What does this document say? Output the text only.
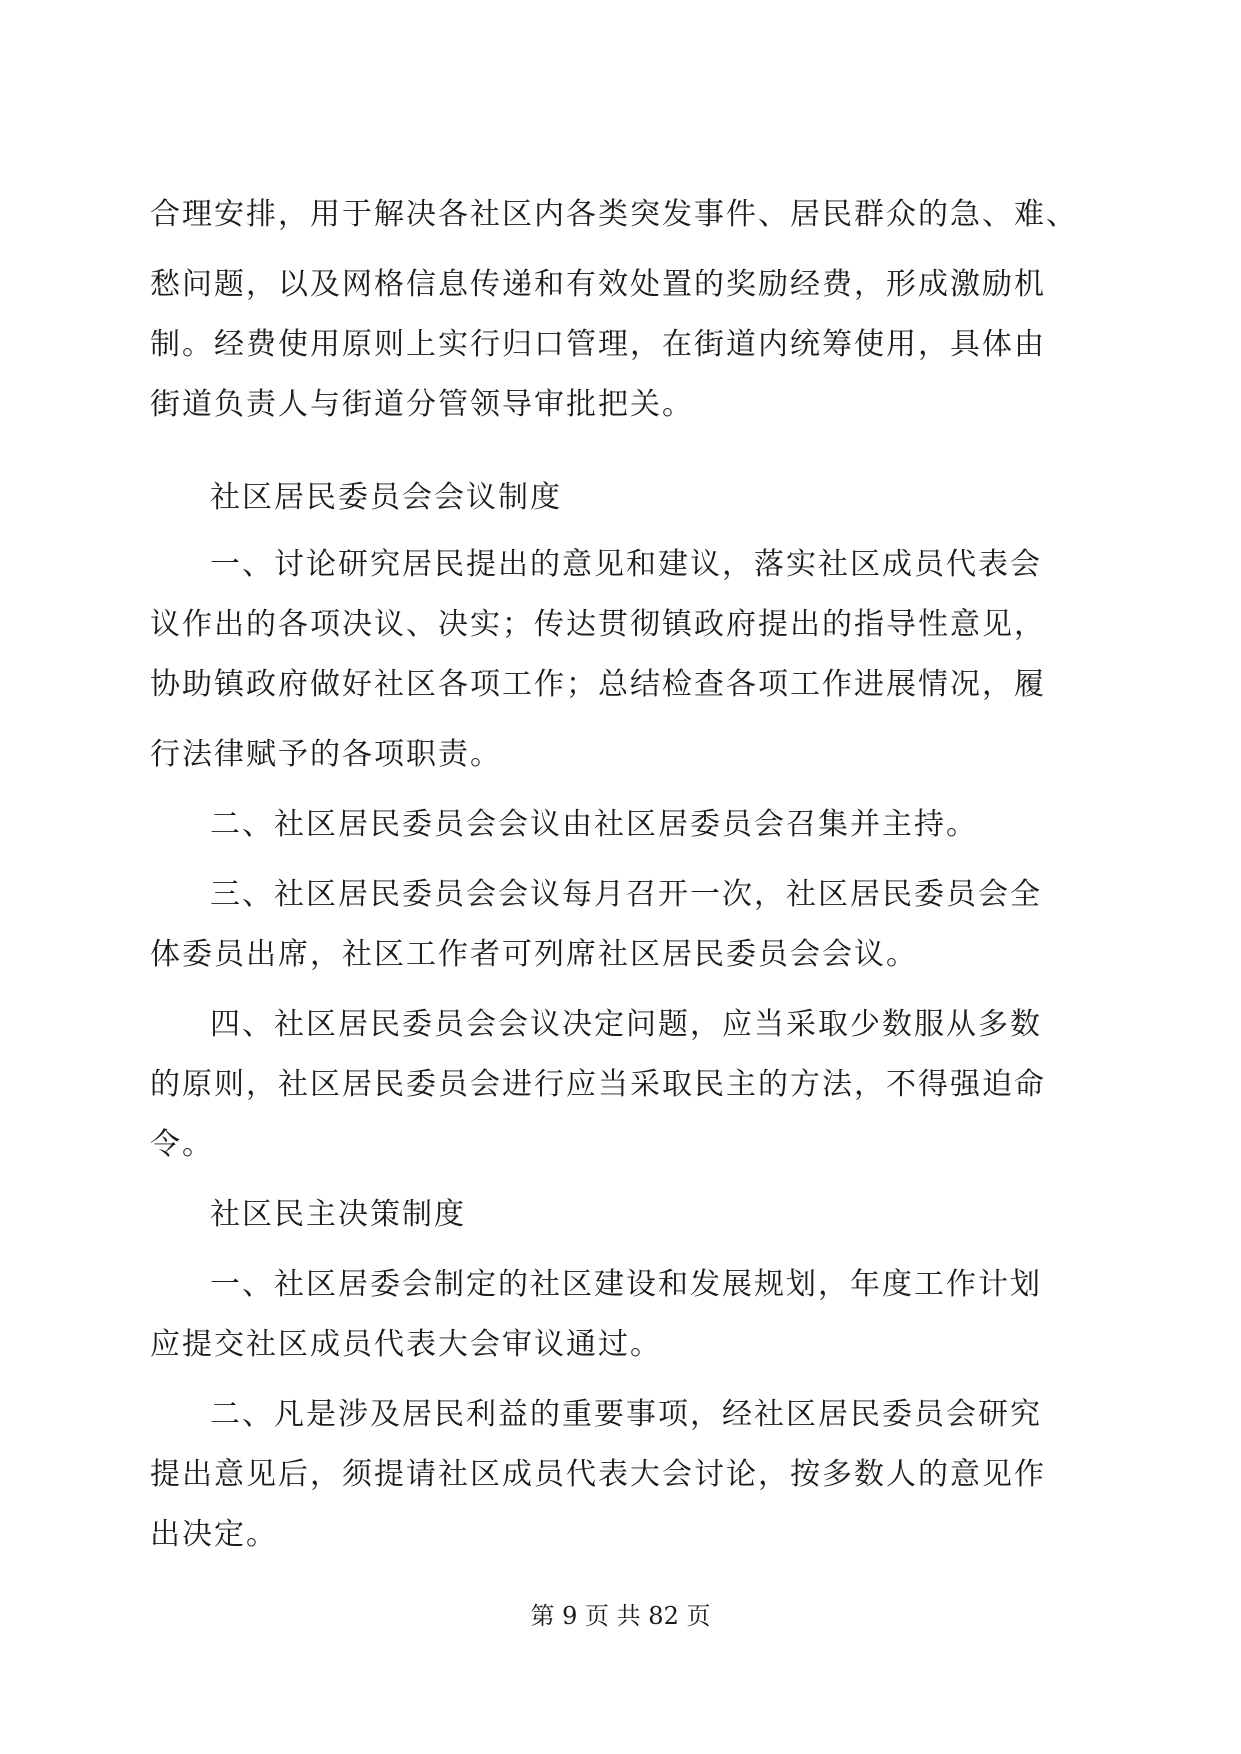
合理安排，用于解决各社区内各类突发事件、居民群众的急、难、
愁问题，以及网格信息传递和有效处置的奖励经费，形成激励机
制。经费使用原则上实行归口管理，在街道内统筹使用，具体由
街道负责人与街道分管领导审批把关。
社区居民委员会会议制度
一、讨论研究居民提出的意见和建议，落实社区成员代表会
议作出的各项决议、决实；传达贯彻镇政府提出的指导性意见，
协助镇政府做好社区各项工作；总结检查各项工作进展情况，履
行法律赋予的各项职责。
二、社区居民委员会会议由社区居委员会召集并主持。
三、社区居民委员会会议每月召开一次，社区居民委员会全
体委员出席，社区工作者可列席社区居民委员会会议。
四、社区居民委员会会议决定问题，应当采取少数服从多数
的原则，社区居民委员会进行应当采取民主的方法，不得强迫命
令。
社区民主决策制度
一、社区居委会制定的社区建设和发展规划，年度工作计划
应提交社区成员代表大会审议通过。
二、凡是涉及居民利益的重要事项，经社区居民委员会研究
提出意见后，须提请社区成员代表大会讨论，按多数人的意见作
出决定。
第 9 页 共 82 页
